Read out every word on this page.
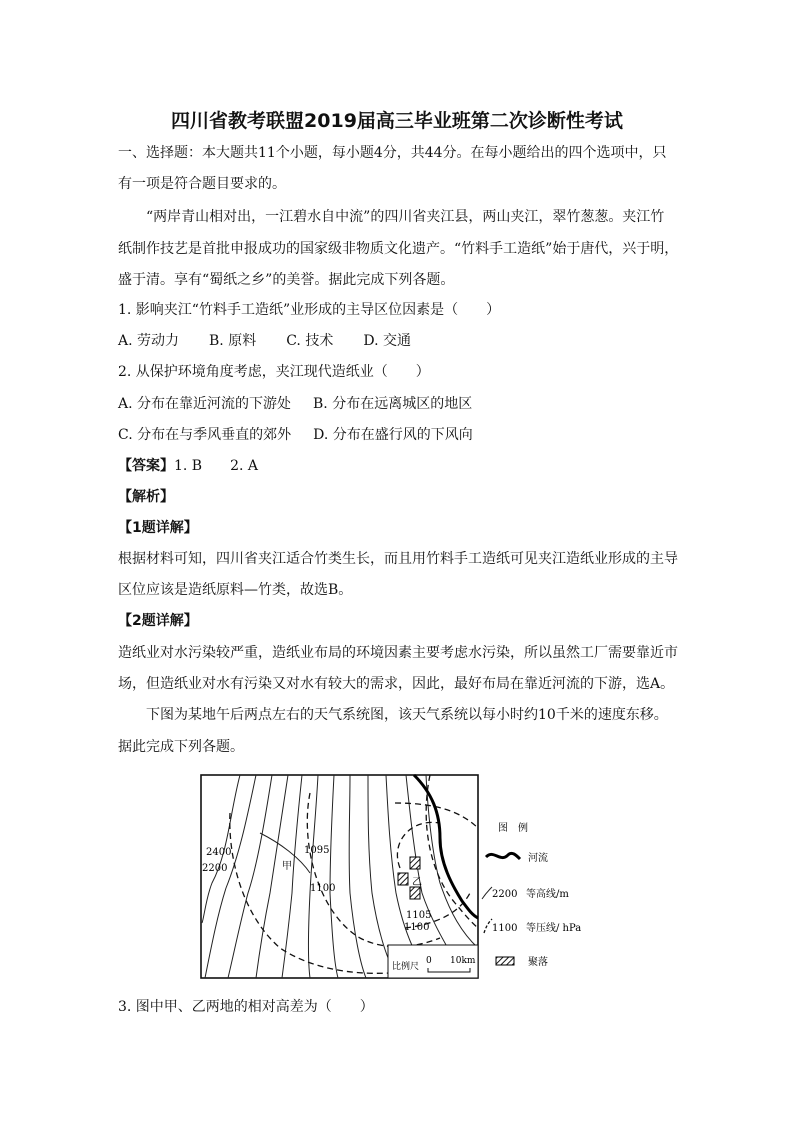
四川省教考联盟2019届高三毕业班第二次诊断性考试
一、选择题：本大题共11个小题，每小题4分，共44分。在每小题给出的四个选项中，只
有一项是符合题目要求的。
“两岸青山相对出，一江碧水自中流”的四川省夹江县，两山夹江，翠竹葱葱。夹江竹
纸制作技艺是首批申报成功的国家级非物质文化遗产。“竹料手工造纸”始于唐代，兴于明，
盛于清。享有“蜀纸之乡”的美誉。据此完成下列各题。
1. 影响夹江“竹料手工造纸”业形成的主导区位因素是（　　）
A. 劳动力 B. 原料 C. 技术 D. 交通
2. 从保护环境角度考虑，夹江现代造纸业（　　）
A. 分布在靠近河流的下游处 B. 分布在远离城区的地区
C. 分布在与季风垂直的郊外 D. 分布在盛行风的下风向
【答案】1. B　　2. A
【解析】
【1题详解】
根据材料可知，四川省夹江适合竹类生长，而且用竹料手工造纸可见夹江造纸业形成的主导
区位应该是造纸原料—竹类，故选B。
【2题详解】
造纸业对水污染较严重，造纸业布局的环境因素主要考虑水污染，所以虽然工厂需要靠近市
场，但造纸业对水有污染又对水有较大的需求，因此，最好布局在靠近河流的下游，选A。
下图为某地午后两点左右的天气系统图，该天气系统以每小时约10千米的速度东移。
据此完成下列各题。
2400
2200	甲
1095
1100
乙
1105
1100
比例尺
0 10km
图　例
河流
2200 等高线/m
1100 等压线/ hPa
聚落
3. 图中甲、乙两地的相对高差为（　　）
